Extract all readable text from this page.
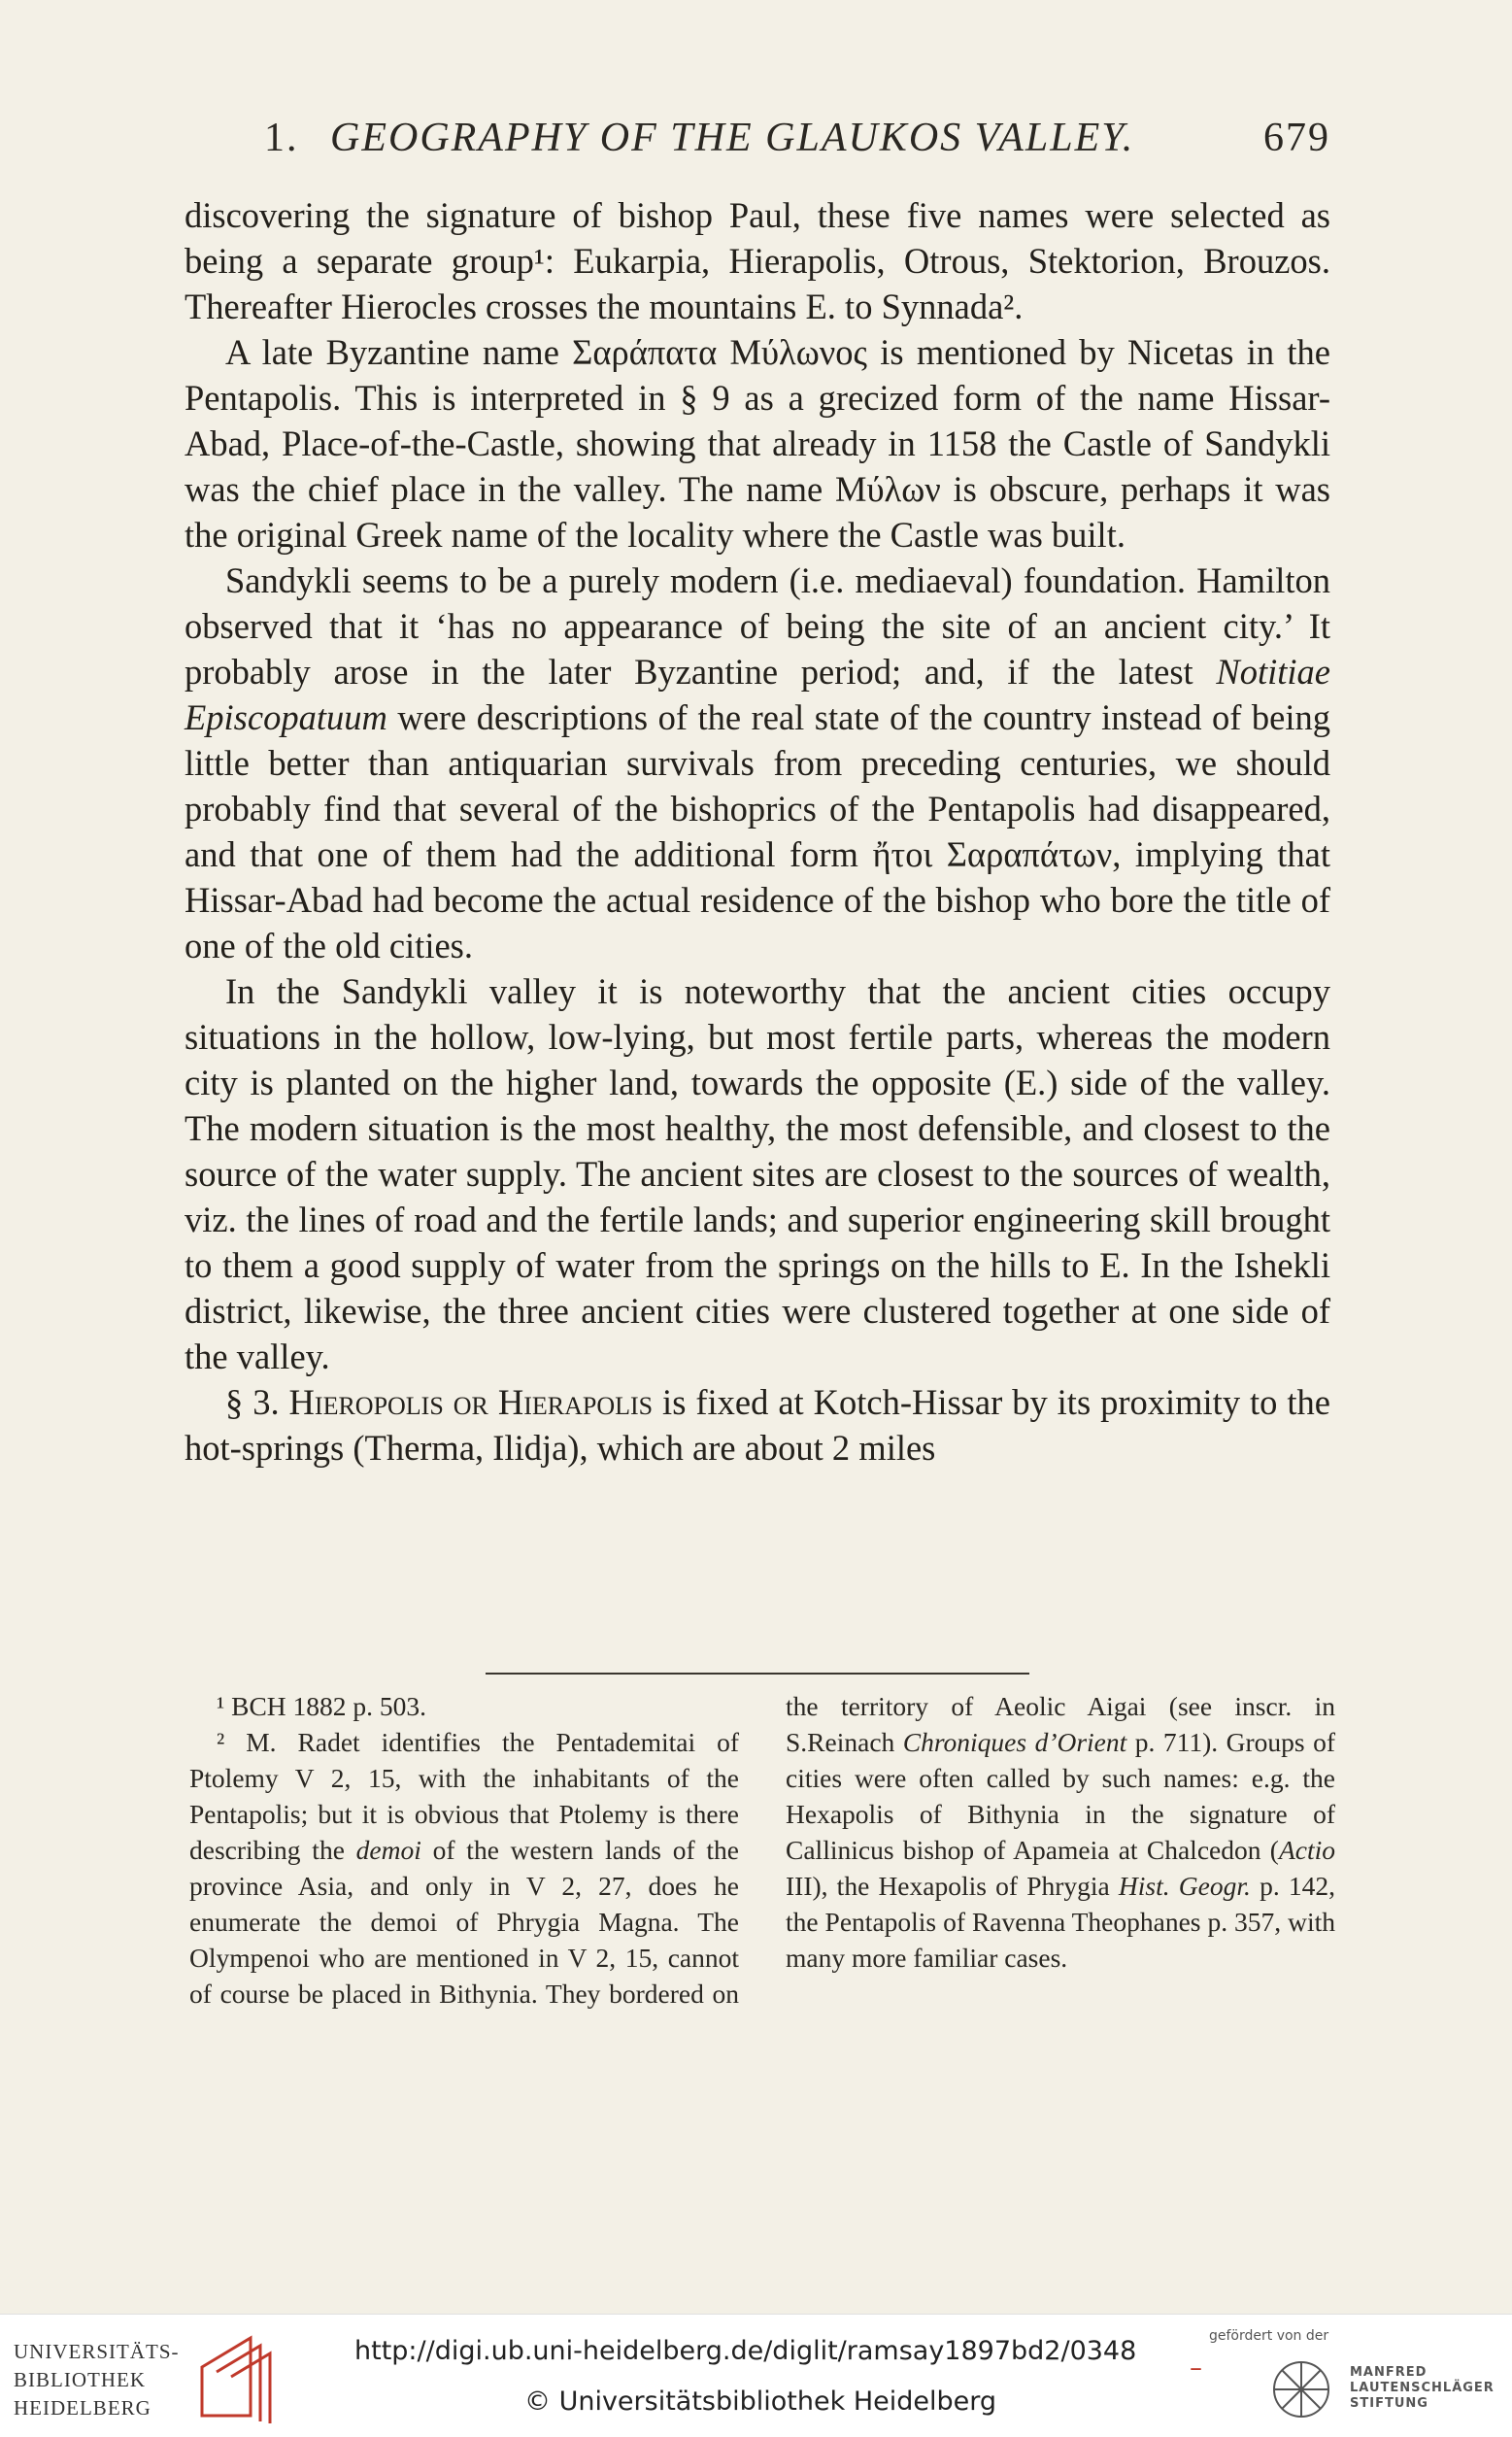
1. GEOGRAPHY OF THE GLAUKOS VALLEY.	679

discovering the signature of bishop Paul, these five names were selected as being a separate group¹: Eukarpia, Hierapolis, Otrous, Stektorion, Brouzos. Thereafter Hierocles crosses the mountains E. to Synnada².

A late Byzantine name Σαράπατα Μύλωνος is mentioned by Nicetas in the Pentapolis. This is interpreted in § 9 as a grecized form of the name Hissar-Abad, Place-of-the-Castle, showing that already in 1158 the Castle of Sandykli was the chief place in the valley. The name Μύλων is obscure, perhaps it was the original Greek name of the locality where the Castle was built.

Sandykli seems to be a purely modern (i.e. mediaeval) foundation. Hamilton observed that it ‘has no appearance of being the site of an ancient city.’ It probably arose in the later Byzantine period; and, if the latest Notitiae Episcopatuum were descriptions of the real state of the country instead of being little better than antiquarian survivals from preceding centuries, we should probably find that several of the bishoprics of the Pentapolis had disappeared, and that one of them had the additional form ἤτοι Σαραπάτων, implying that Hissar-Abad had become the actual residence of the bishop who bore the title of one of the old cities.

In the Sandykli valley it is noteworthy that the ancient cities occupy situations in the hollow, low-lying, but most fertile parts, whereas the modern city is planted on the higher land, towards the opposite (E.) side of the valley. The modern situation is the most healthy, the most defensible, and closest to the source of the water supply. The ancient sites are closest to the sources of wealth, viz. the lines of road and the fertile lands; and superior engineering skill brought to them a good supply of water from the springs on the hills to E. In the Ishekli district, likewise, the three ancient cities were clustered together at one side of the valley.

§ 3. Hieropolis or Hierapolis is fixed at Kotch-Hissar by its proximity to the hot-springs (Therma, Ilidja), which are about 2 miles

¹ BCH 1882 p. 503.

² M. Radet identifies the Pentademitai of Ptolemy V 2, 15, with the inhabitants of the Pentapolis; but it is obvious that Ptolemy is there describing the demoi of the western lands of the province Asia, and only in V 2, 27, does he enumerate the demoi of Phrygia Magna. The Olympenoi who are mentioned in V 2, 15, cannot of course be placed in Bithynia. They bordered on the territory of Aeolic Aigai (see inscr. in S.Reinach Chroniques d’Orient p. 711). Groups of cities were often called by such names: e.g. the Hexapolis of Bithynia in the signature of Callinicus bishop of Apameia at Chalcedon (Actio III), the Hexapolis of Phrygia Hist. Geogr. p. 142, the Pentapolis of Ravenna Theophanes p. 357, with many more familiar cases.

UNIVERSITÄTS-
BIBLIOTHEK
HEIDELBERG
http://digi.ub.uni-heidelberg.de/diglit/ramsay1897bd2/0348
© Universitätsbibliothek Heidelberg
–
gefördert von der
MANFRED
LAUTENSCHLÄGER
STIFTUNG
